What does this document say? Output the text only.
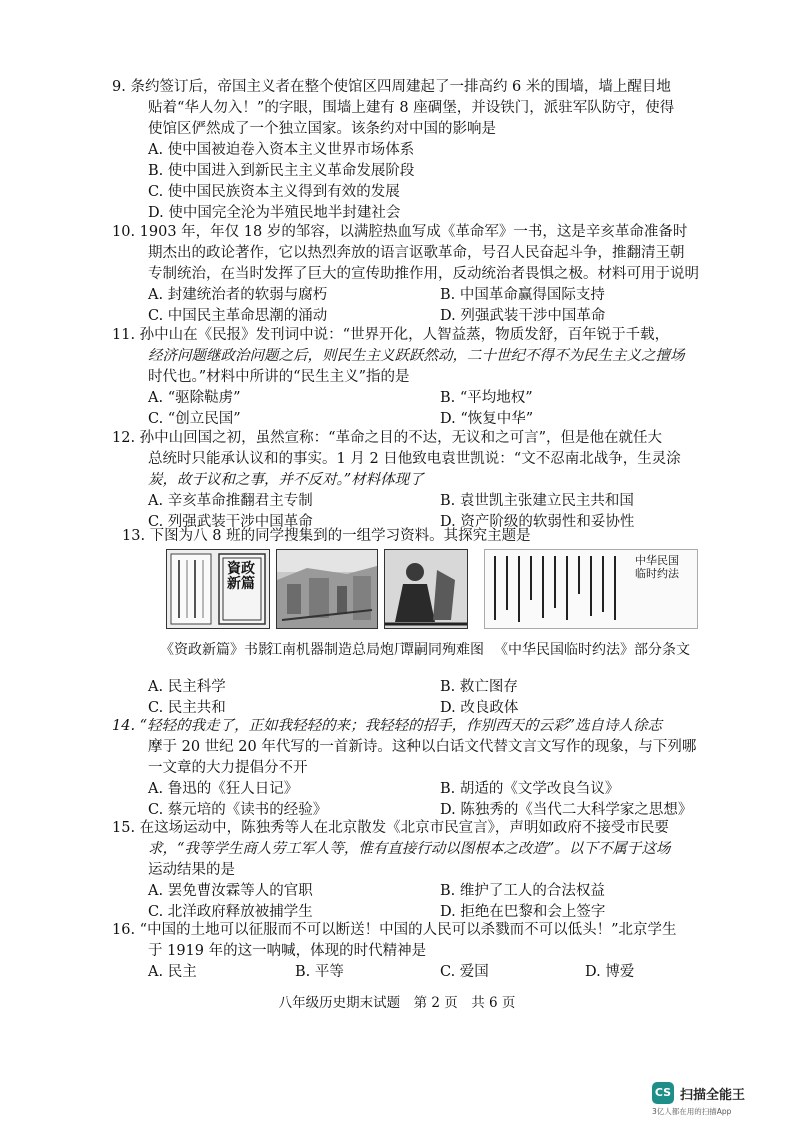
9. 条约签订后，帝国主义者在整个使馆区四周建起了一排高约 6 米的围墙，墙上醒目地
贴着“华人勿入！”的字眼，围墙上建有 8 座碉堡，并设铁门，派驻军队防守，使得
使馆区俨然成了一个独立国家。该条约对中国的影响是
A. 使中国被迫卷入资本主义世界市场体系
B. 使中国进入到新民主主义革命发展阶段
C. 使中国民族资本主义得到有效的发展
D. 使中国完全沦为半殖民地半封建社会
10. 1903 年，年仅 18 岁的邹容，以满腔热血写成《革命军》一书，这是辛亥革命准备时
期杰出的政论著作，它以热烈奔放的语言讴歌革命，号召人民奋起斗争，推翻清王朝
专制统治，在当时发挥了巨大的宣传助推作用，反动统治者畏惧之极。材料可用于说明
A. 封建统治者的软弱与腐朽	B. 中国革命赢得国际支持
C. 中国民主革命思潮的涌动	D. 列强武装干涉中国革命
11. 孙中山在《民报》发刊词中说：“世界开化，人智益蒸，物质发舒，百年锐于千载，
经济问题继政治问题之后，则民生主义跃跃然动，二十世纪不得不为民生主义之擅场
时代也。”材料中所讲的“民生主义”指的是
A. “驱除鞑虏”	B. “平均地权”
C. “创立民国”	D. “恢复中华”
12. 孙中山回国之初，虽然宣称：“革命之目的不达，无议和之可言”，但是他在就任大
总统时只能承认议和的事实。1 月 2 日他致电袁世凯说：“文不忍南北战争，生灵涂
炭，故于议和之事，并不反对。”材料体现了
A. 辛亥革命推翻君主专制	B. 袁世凯主张建立民主共和国
C. 列强武装干涉中国革命	D. 资产阶级的软弱性和妥协性
13. 下图为八 8 班的同学搜集到的一组学习资料。其探究主题是
資政新篇
中华民国临时约法
《资政新篇》书影
江南机器制造总局炮厂
谭嗣同殉难图 《中华民国临时约法》部分条文
A. 民主科学	B. 救亡图存
C. 民主共和	D. 改良政体
14. “轻轻的我走了，正如我轻轻的来；我轻轻的招手，作别西天的云彩”选自诗人徐志
摩于 20 世纪 20 年代写的一首新诗。这种以白话文代替文言文写作的现象，与下列哪
一文章的大力提倡分不开
A. 鲁迅的《狂人日记》	B. 胡适的《文学改良刍议》
C. 蔡元培的《读书的经验》	D. 陈独秀的《当代二大科学家之思想》
15. 在这场运动中，陈独秀等人在北京散发《北京市民宣言》，声明如政府不接受市民要
求，“我等学生商人劳工军人等，惟有直接行动以图根本之改造”。以下不属于这场
运动结果的是
A. 罢免曹汝霖等人的官职	B. 维护了工人的合法权益
C. 北洋政府释放被捕学生	D. 拒绝在巴黎和会上签字
16. “中国的土地可以征服而不可以断送！中国的人民可以杀戮而不可以低头！”北京学生
于 1919 年的这一呐喊，体现的时代精神是
A. 民主	B. 平等	C. 爱国	D. 博爱
八年级历史期末试题　第 2 页　共 6 页
CS 扫描全能王
3亿人都在用的扫描App
